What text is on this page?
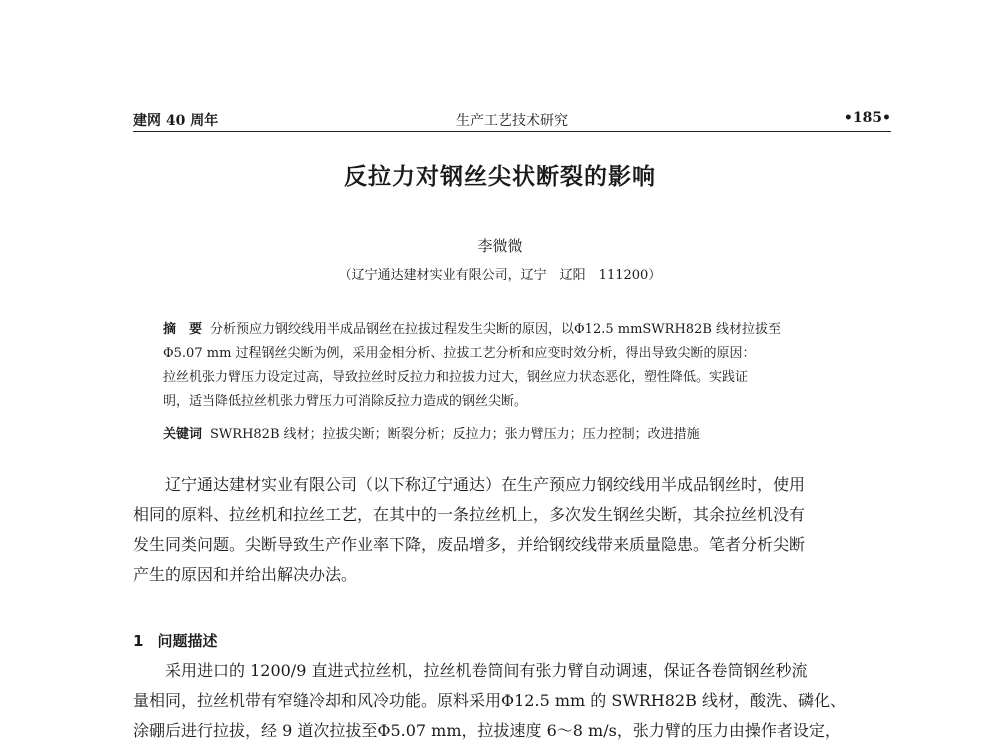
建网 40 周年	生产工艺技术研究	•185•
反拉力对钢丝尖状断裂的影响
李微微
（辽宁通达建材实业有限公司，辽宁　辽阳　111200）
摘　要 分析预应力钢绞线用半成品钢丝在拉拔过程发生尖断的原因，以Φ12.5 mmSWRH82B 线材拉拔至
Φ5.07 mm 过程钢丝尖断为例，采用金相分析、拉拔工艺分析和应变时效分析，得出导致尖断的原因：
拉丝机张力臂压力设定过高，导致拉丝时反拉力和拉拔力过大，钢丝应力状态恶化，塑性降低。实践证
明，适当降低拉丝机张力臂压力可消除反拉力造成的钢丝尖断。
关键词 SWRH82B 线材；拉拔尖断；断裂分析；反拉力；张力臂压力；压力控制；改进措施
　　辽宁通达建材实业有限公司（以下称辽宁通达）在生产预应力钢绞线用半成品钢丝时，使用
相同的原料、拉丝机和拉丝工艺，在其中的一条拉丝机上，多次发生钢丝尖断，其余拉丝机没有
发生同类问题。尖断导致生产作业率下降，废品增多，并给钢绞线带来质量隐患。笔者分析尖断
产生的原因和并给出解决办法。
1 问题描述
　　采用进口的 1200/9 直进式拉丝机，拉丝机卷筒间有张力臂自动调速，保证各卷筒钢丝秒流
量相同，拉丝机带有窄缝冷却和风冷功能。原料采用Φ12.5 mm 的 SWRH82B 线材，酸洗、磷化、
涂硼后进行拉拔，经 9 道次拉拔至Φ5.07 mm，拉拔速度 6～8 m/s，张力臂的压力由操作者设定，
